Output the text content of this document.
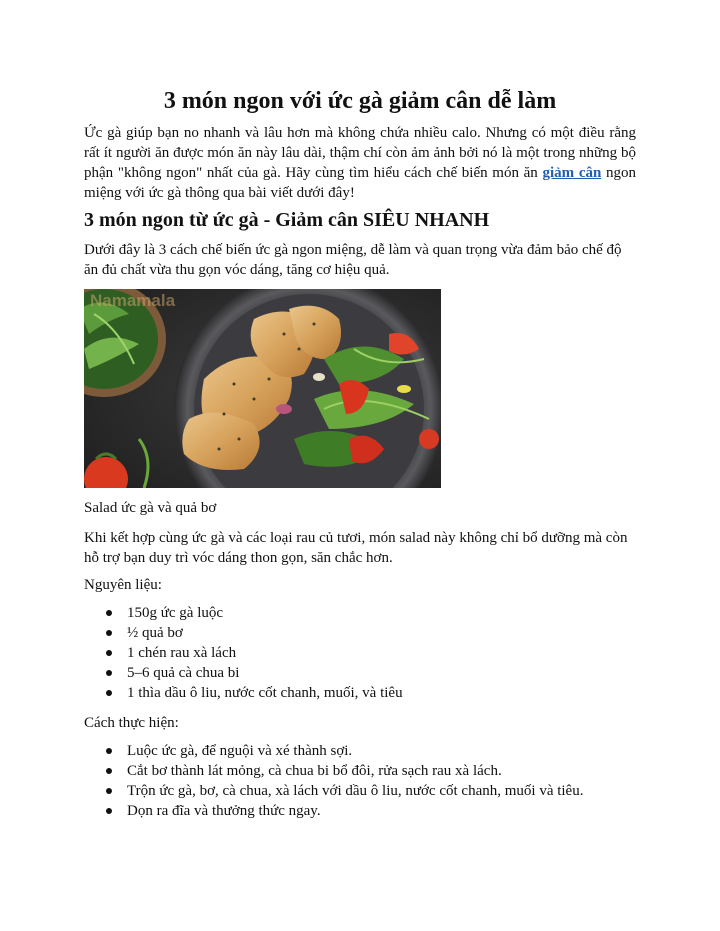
3 món ngon với ức gà giảm cân dễ làm

Ức gà giúp bạn no nhanh và lâu hơn mà không chứa nhiều calo. Nhưng có một điều rằng rất ít người ăn được món ăn này lâu dài, thậm chí còn ảm ảnh bởi nó là một trong những bộ phận "không ngon" nhất của gà. Hãy cùng tìm hiểu cách chế biến món ăn giảm cân ngon miệng với ức gà thông qua bài viết dưới đây!

3 món ngon từ ức gà - Giảm cân SIÊU NHANH

Dưới đây là 3 cách chế biến ức gà ngon miệng, dễ làm và quan trọng vừa đảm bảo chế độ ăn đủ chất vừa thu gọn vóc dáng, tăng cơ hiệu quả.

Namamala

Salad ức gà và quả bơ

Khi kết hợp cùng ức gà và các loại rau củ tươi, món salad này không chỉ bổ dưỡng mà còn hỗ trợ bạn duy trì vóc dáng thon gọn, săn chắc hơn.

Nguyên liệu:

150g ức gà luộc
½ quả bơ
1 chén rau xà lách
5–6 quả cà chua bi
1 thìa dầu ô liu, nước cốt chanh, muối, và tiêu

Cách thực hiện:

Luộc ức gà, để nguội và xé thành sợi.
Cắt bơ thành lát mỏng, cà chua bi bổ đôi, rửa sạch rau xà lách.
Trộn ức gà, bơ, cà chua, xà lách với dầu ô liu, nước cốt chanh, muối và tiêu.
Dọn ra đĩa và thưởng thức ngay.
